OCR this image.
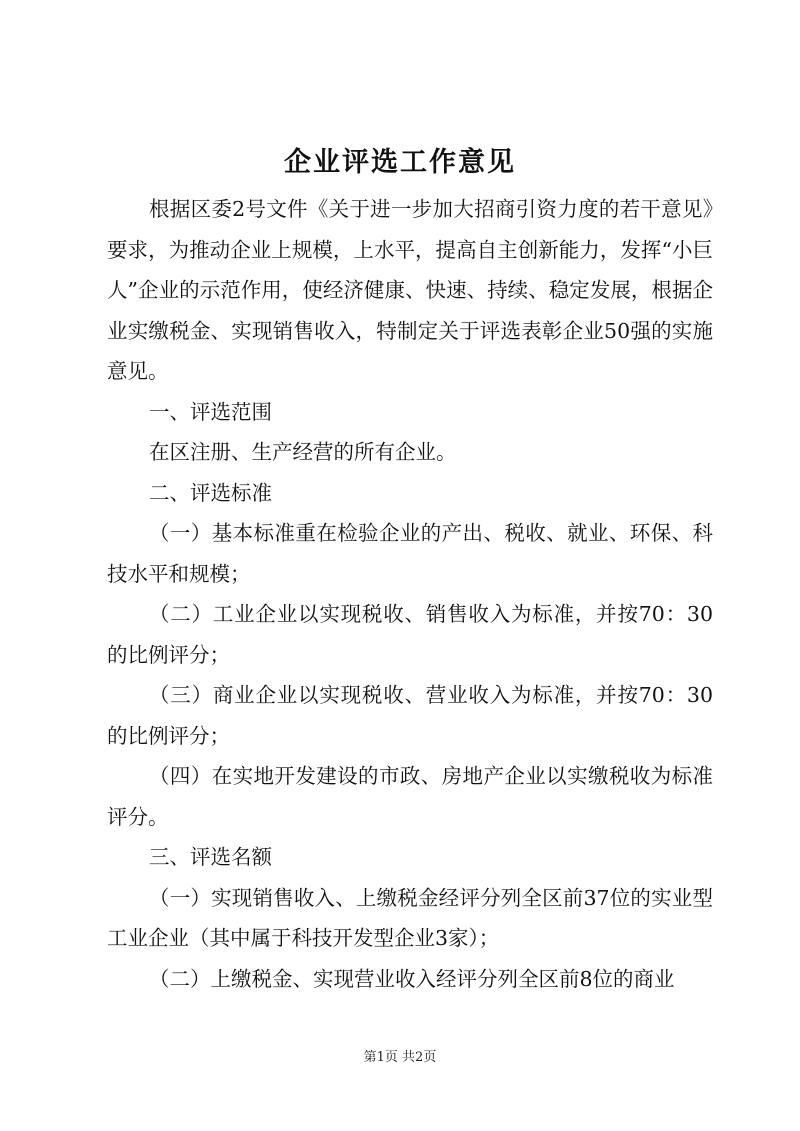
企业评选工作意见

根据区委2号文件《关于进一步加大招商引资力度的若干意见》要求，为推动企业上规模，上水平，提高自主创新能力，发挥“小巨人”企业的示范作用，使经济健康、快速、持续、稳定发展，根据企业实缴税金、实现销售收入，特制定关于评选表彰企业50强的实施意见。

一、评选范围

在区注册、生产经营的所有企业。

二、评选标准

（一）基本标准重在检验企业的产出、税收、就业、环保、科技水平和规模；

（二）工业企业以实现税收、销售收入为标准，并按70：30的比例评分；

（三）商业企业以实现税收、营业收入为标准，并按70：30的比例评分；

（四）在实地开发建设的市政、房地产企业以实缴税收为标准评分。

三、评选名额

（一）实现销售收入、上缴税金经评分列全区前37位的实业型工业企业（其中属于科技开发型企业3家）；

（二）上缴税金、实现营业收入经评分列全区前8位的商业

第1页 共2页
